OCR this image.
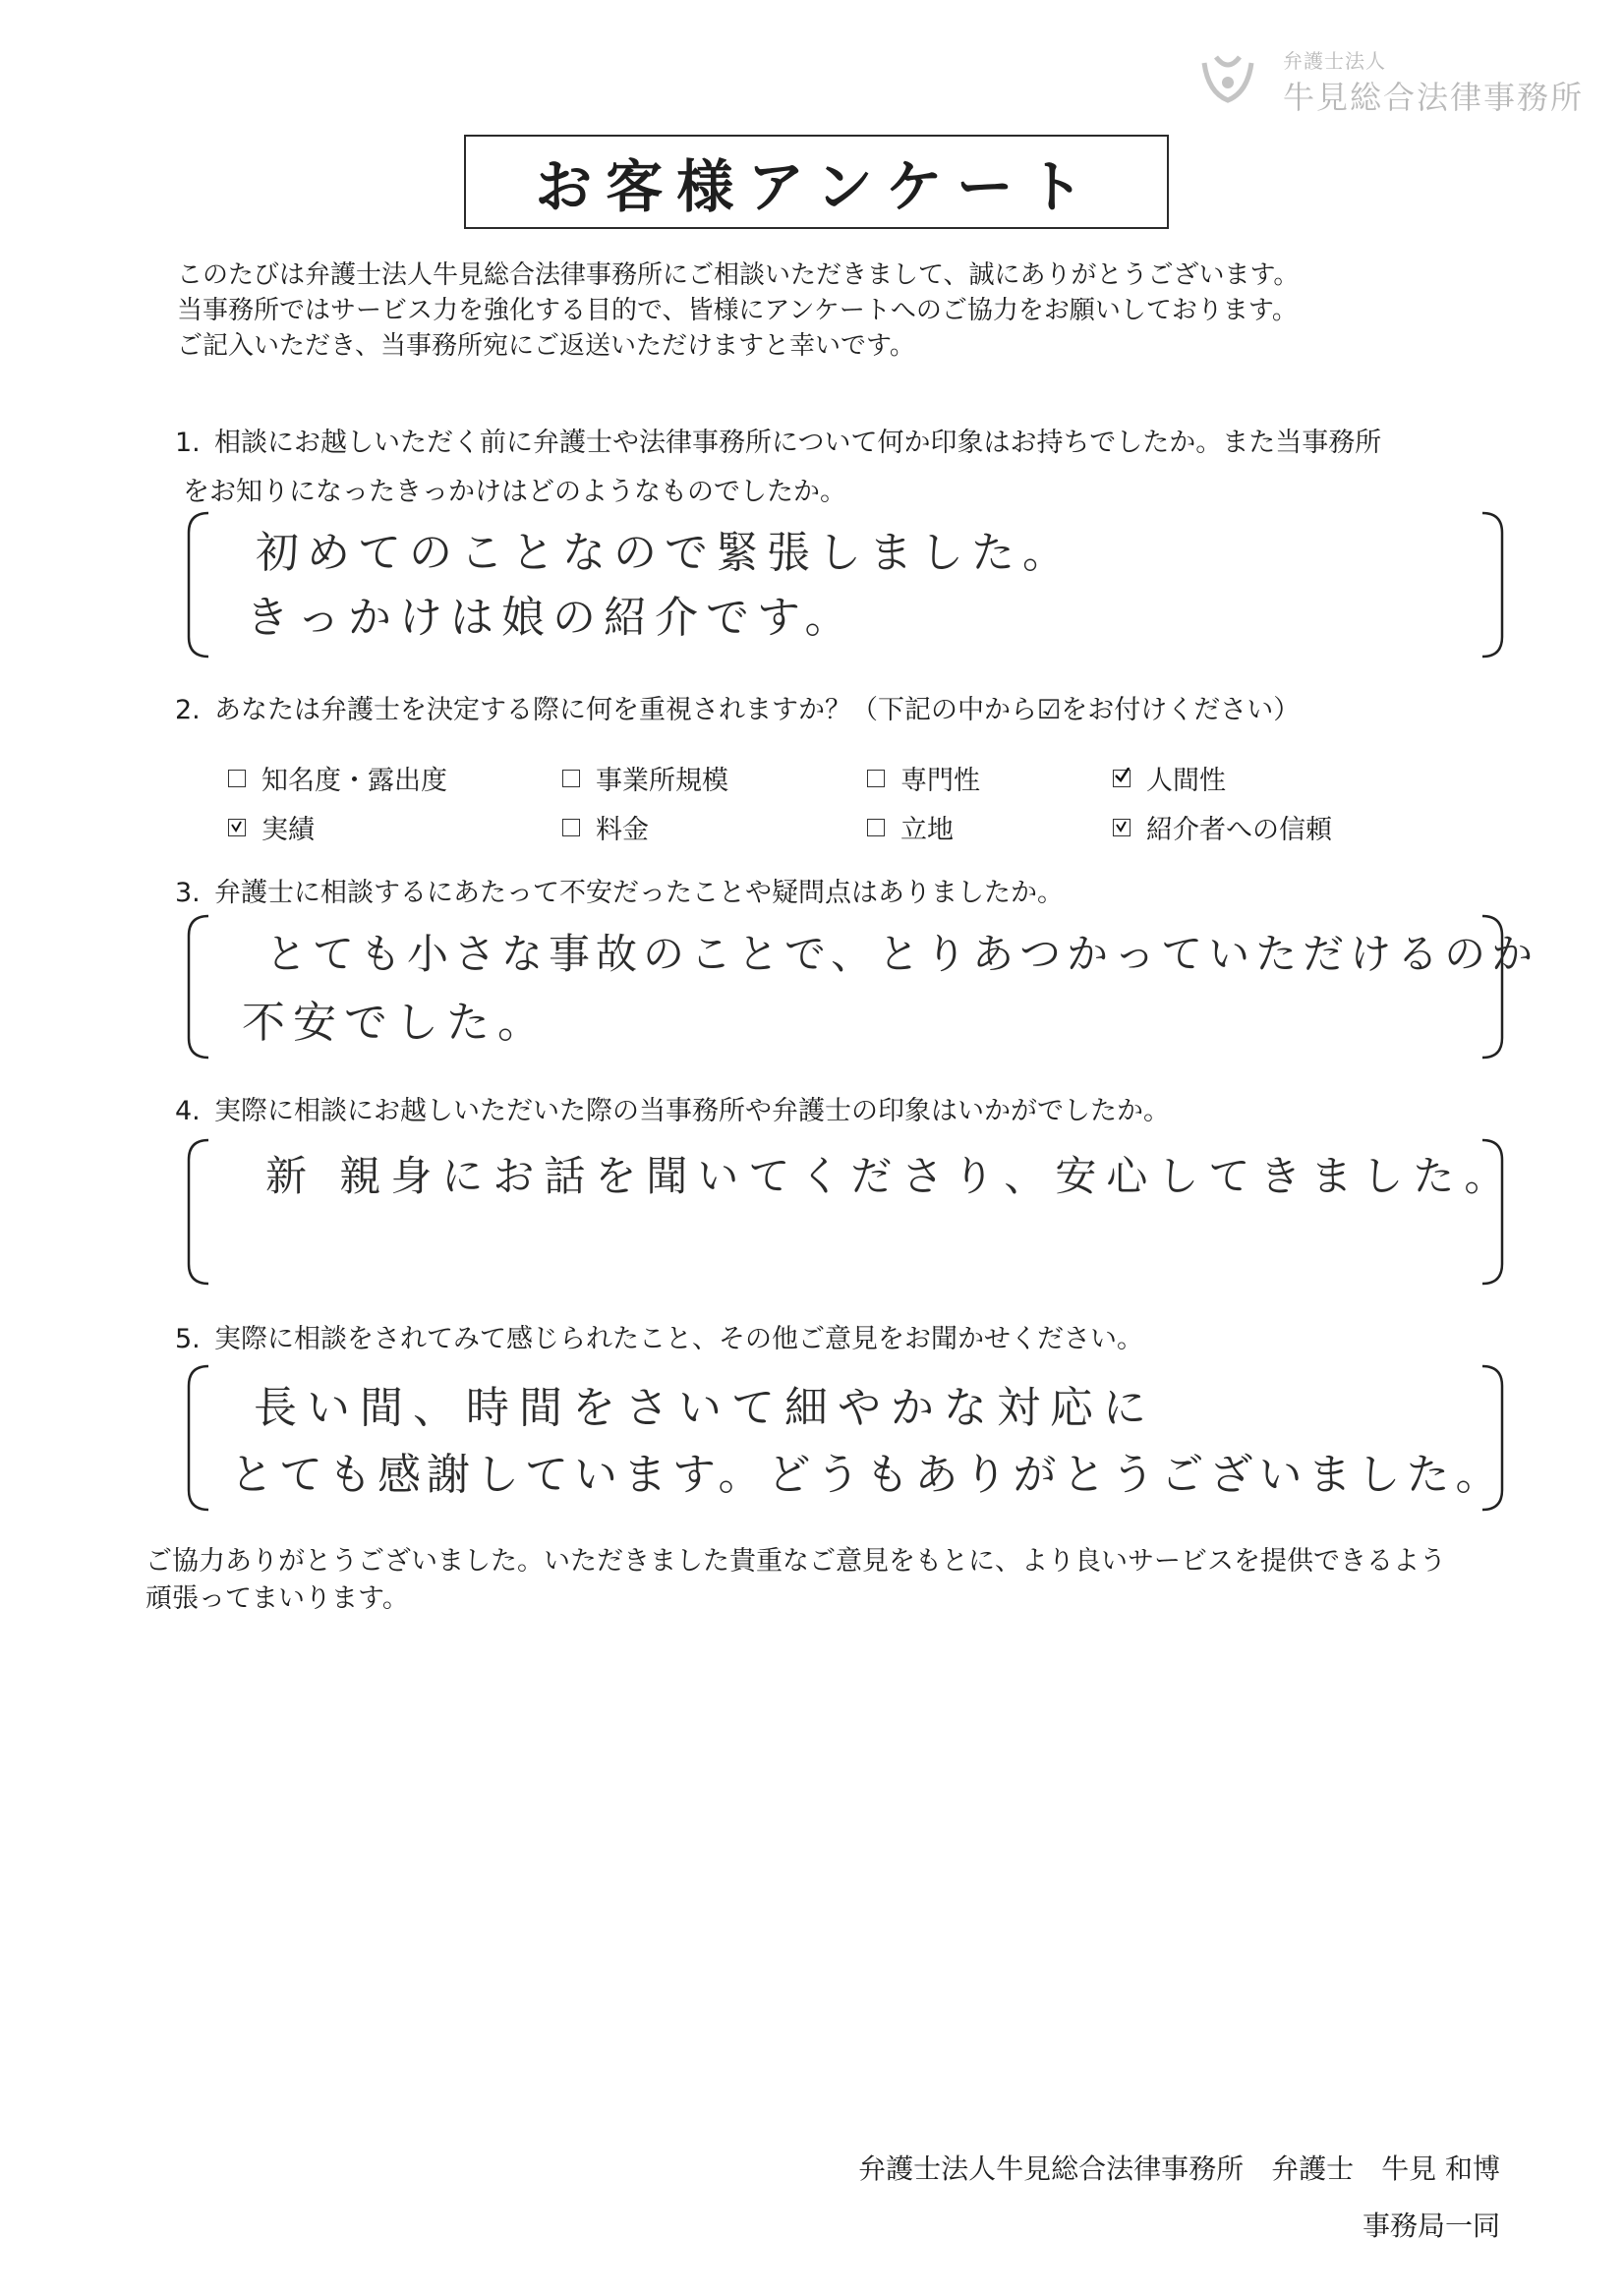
弁護士法人
牛見総合法律事務所
お客様アンケート
このたびは弁護士法人牛見総合法律事務所にご相談いただきまして、誠にありがとうございます。
当事務所ではサービス力を強化する目的で、皆様にアンケートへのご協力をお願いしております。
ご記入いただき、当事務所宛にご返送いただけますと幸いです。
1. 相談にお越しいただく前に弁護士や法律事務所について何か印象はお持ちでしたか。また当事務所
をお知りになったきっかけはどのようなものでしたか。
初めてのことなので緊張しました。
きっかけは娘の紹介です。
2. あなたは弁護士を決定する際に何を重視されますか？（下記の中から☑をお付けください）
知名度・露出度	事業所規模	専門性	人間性
実績	料金	立地	紹介者への信頼
3. 弁護士に相談するにあたって不安だったことや疑問点はありましたか。
とても小さな事故のことで、とりあつかっていただけるのか
不安でした。
4. 実際に相談にお越しいただいた際の当事務所や弁護士の印象はいかがでしたか。
新 親身にお話を聞いてくださり、安心してきました。
5. 実際に相談をされてみて感じられたこと、その他ご意見をお聞かせください。
長い間、時間をさいて細やかな対応に
とても感謝しています。どうもありがとうございました。
ご協力ありがとうございました。いただきました貴重なご意見をもとに、より良いサービスを提供できるよう
頑張ってまいります。
弁護士法人牛見総合法律事務所　弁護士　牛見 和博
事務局一同
